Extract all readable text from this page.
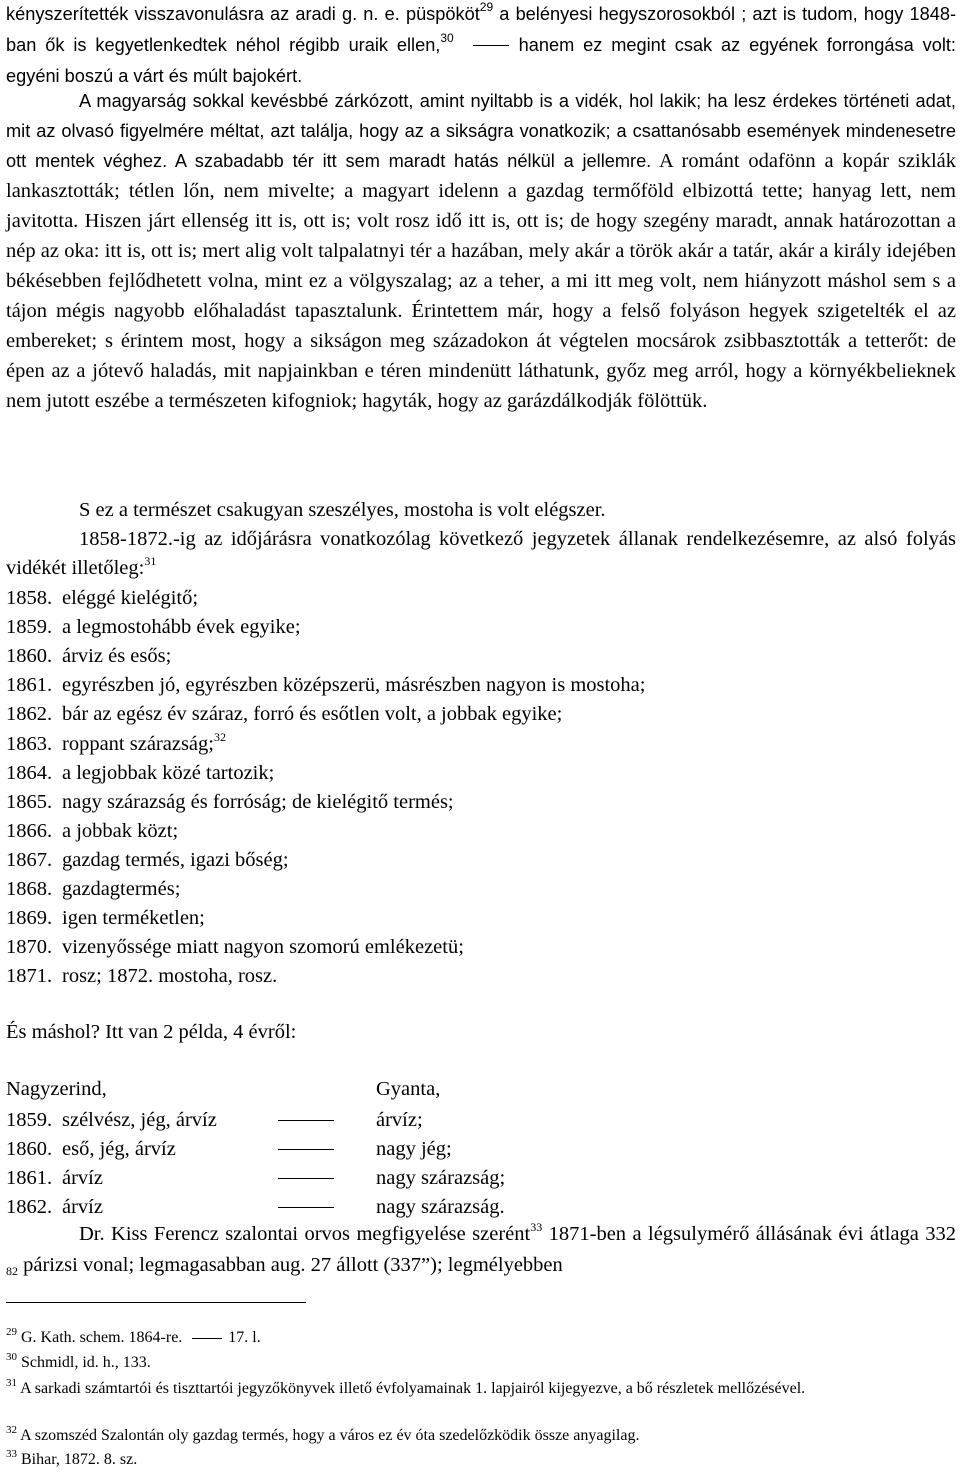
kényszerítették visszavonulásra az aradi g. n. e. püspököt$^{29}$ a belényesi hegyszorosokból ; azt is tudom, hogy 1848-ban ők is kegyetlenkedtek néhol régibb uraik ellen,$^{30}$	hanem ez megint csak az egyének forrongása volt: egyéni boszú a várt és múlt bajokért.

A magyarság sokkal kevésbbé zárkózott, amint nyiltabb is a vidék, hol lakik; ha lesz érdekes történeti adat, mit az olvasó figyelmére méltat, azt találja, hogy az a sikságra vonatkozik; a csattanósabb események mindenesetre ott mentek véghez. A szabadabb tér itt sem maradt hatás nélkül a jellemre. A románt odafönn a kopár sziklák lankasztották; tétlen lőn, nem mivelte; a magyart idelenn a gazdag termőföld elbizottá tette; hanyag lett, nem javitotta. Hiszen járt ellenség itt is, ott is; volt rosz idő itt is, ott is; de hogy szegény maradt, annak határozottan a nép az oka: itt is, ott is; mert alig volt talpalatnyi tér a hazában, mely akár a török akár a tatár, akár a király idejében békésebben fejlődhetett volna, mint ez a völgyszalag; az a teher, a mi itt meg volt, nem hiányzott máshol sem s a tájon mégis nagyobb előhaladást tapasztalunk. Érintettem már, hogy a felső folyáson hegyek szigetelték el az embereket; s érintem most, hogy a sikságon meg századokon át végtelen mocsárok zsibbasztották a tetterőt: de épen az a jótevő haladás, mit napjainkban e téren mindenütt láthatunk, győz meg arról, hogy a környékbelieknek nem jutott eszébe a természeten kifogniok; hagyták, hogy az garázdálkodják fölöttük.

S ez a természet csakugyan szeszélyes, mostoha is volt elégszer.

1858-1872.-ig az időjárásra vonatkozólag következő jegyzetek állanak rendelkezésemre, az alsó folyás vidékét illetőleg:$^{31}$

1858. eléggé kielégitő;
1859. a legmostohább évek egyike;
1860. árviz és esős;
1861. egyrészben jó, egyrészben középszerü, másrészben nagyon is mostoha;
1862. bár az egész év száraz, forró és esőtlen volt, a jobbak egyike;
1863. roppant szárazság;$^{32}$
1864. a legjobbak közé tartozik;
1865. nagy szárazság és forróság; de kielégitő termés;
1866. a jobbak közt;
1867. gazdag termés, igazi bőség;
1868. gazdagtermés;
1869. igen terméketlen;
1870. vizenyőssége miatt nagyon szomorú emlékezetü;
1871. rosz; 1872. mostoha, rosz.

És máshol? Itt van 2 példa, 4 évről:

Nagyzerind,	Gyanta,
1859. szélvész, jég, árvíz	árvíz;
1860. eső, jég, árvíz	nagy jég;
1861. árvíz	nagy szárazság;
1862. árvíz	nagy szárazság.

Dr. Kiss Ferencz szalontai orvos megfigyelése szerént$^{33}$ 1871-ben a légsulymérő állásának évi átlaga 332 82 párizsi vonal; legmagasabban aug. 27 állott (337”); legmélyebben

$^{29}$ G. Kath. schem. 1864-re.	17. l.
$^{30}$ Schmidl, id. h., 133.
$^{31}$ A sarkadi számtartói és tiszttartói jegyzőkönyvek illető évfolyamainak 1. lapjairól kijegyezve, a bő részletek mellőzésével.
$^{32}$ A szomszéd Szalontán oly gazdag termés, hogy a város ez év óta szedelőzködik össze anyagilag.
$^{33}$ Bihar, 1872. 8. sz.
